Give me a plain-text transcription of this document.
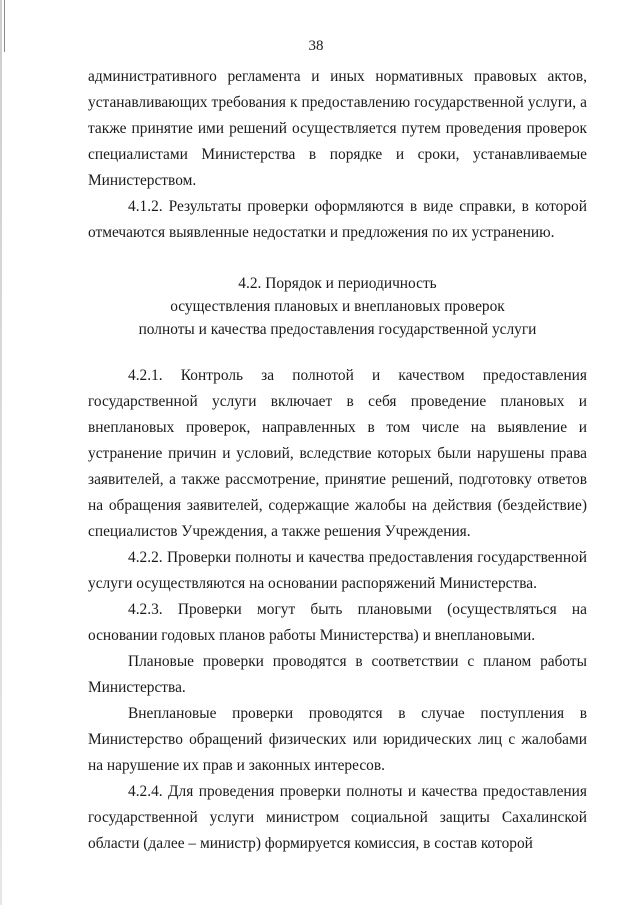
38

административного регламента и иных нормативных правовых актов, устанавливающих требования к предоставлению государственной услуги, а также принятие ими решений осуществляется путем проведения проверок специалистами Министерства в порядке и сроки, устанавливаемые Министерством.

4.1.2. Результаты проверки оформляются в виде справки, в которой отмечаются выявленные недостатки и предложения по их устранению.

4.2. Порядок и периодичность
осуществления плановых и внеплановых проверок
полноты и качества предоставления государственной услуги

4.2.1. Контроль за полнотой и качеством предоставления государственной услуги включает в себя проведение плановых и внеплановых проверок, направленных в том числе на выявление и устранение причин и условий, вследствие которых были нарушены права заявителей, а также рассмотрение, принятие решений, подготовку ответов на обращения заявителей, содержащие жалобы на действия (бездействие) специалистов Учреждения, а также решения Учреждения.

4.2.2. Проверки полноты и качества предоставления государственной услуги осуществляются на основании распоряжений Министерства.

4.2.3. Проверки могут быть плановыми (осуществляться на основании годовых планов работы Министерства) и внеплановыми.

Плановые проверки проводятся в соответствии с планом работы Министерства.

Внеплановые проверки проводятся в случае поступления в Министерство обращений физических или юридических лиц с жалобами на нарушение их прав и законных интересов.

4.2.4. Для проведения проверки полноты и качества предоставления государственной услуги министром социальной защиты Сахалинской области (далее – министр) формируется комиссия, в состав которой
